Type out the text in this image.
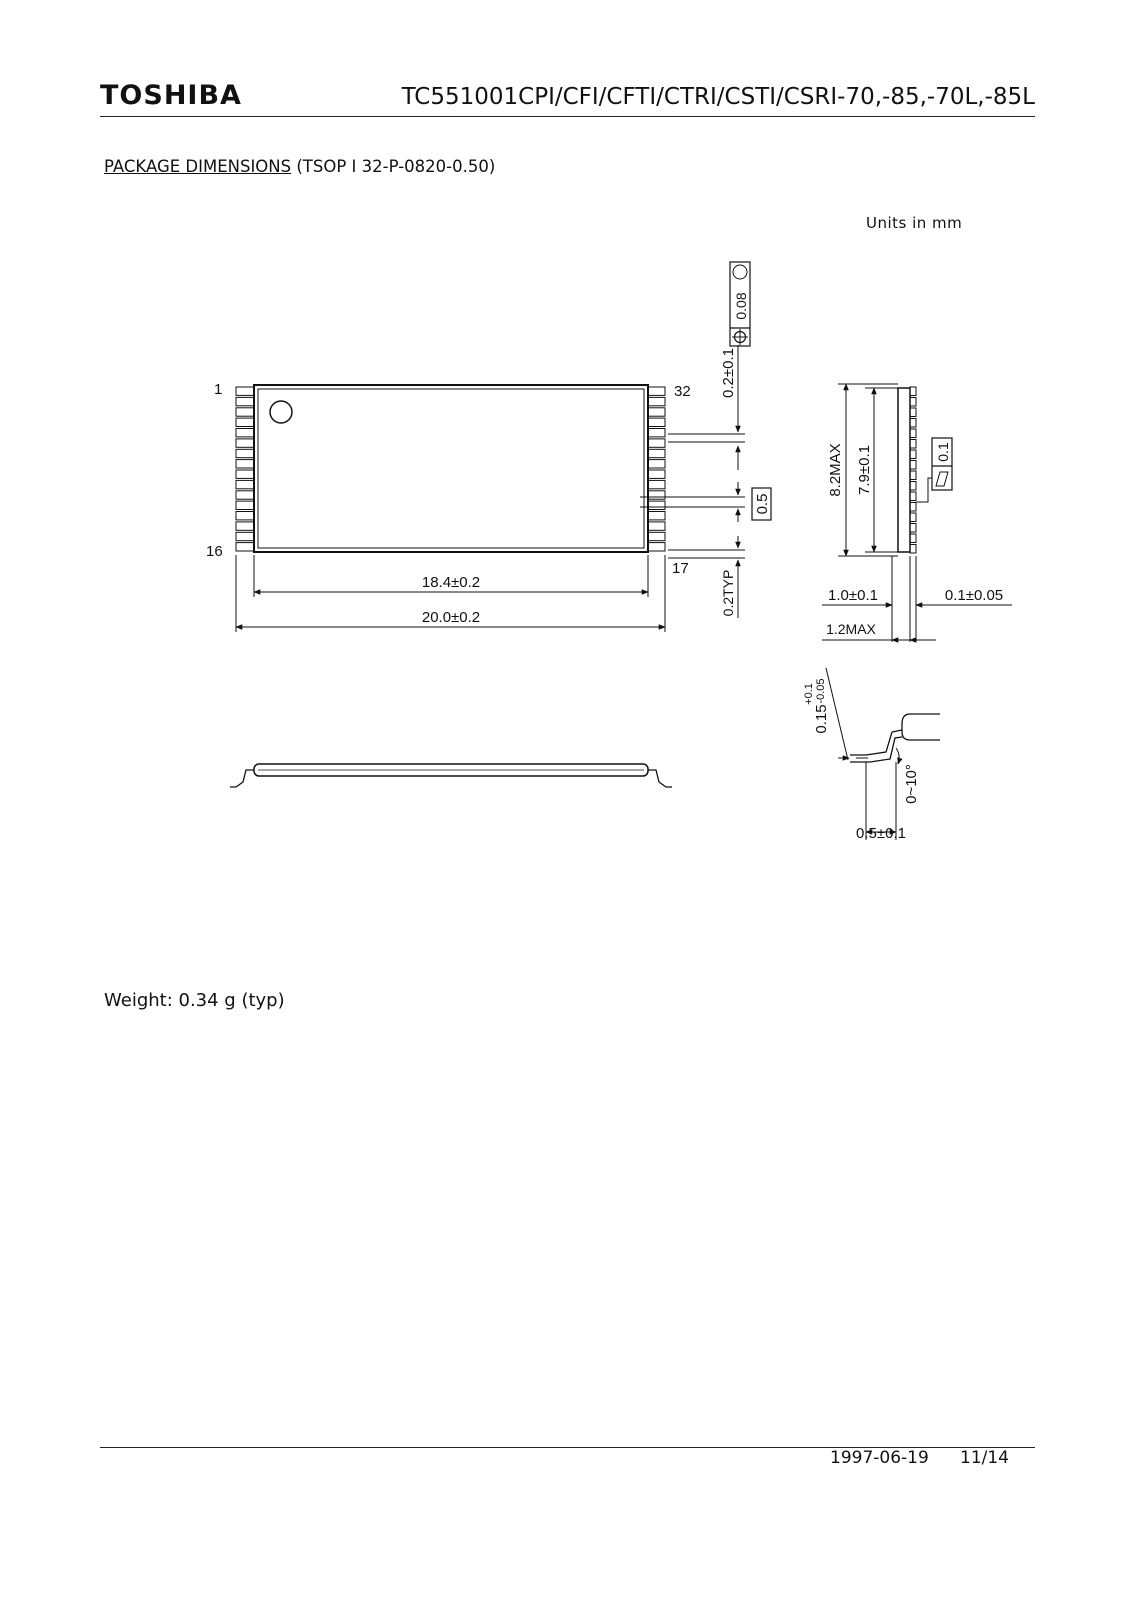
TOSHIBA	TC551001CPI/CFI/CFTI/CTRI/CSTI/CSRI-70,-85,-70L,-85L
PACKAGE DIMENSIONS (TSOP Ⅰ 32-P-0820-0.50)
Units in mm
1
16
17
32
18.4±0.2
20.0±0.2
0.2±0.1
0.08
0.5
0.2TYP
8.2MAX 7.9±0.1	0.1
1.0±0.1	0.1±0.05
1.2MAX
0.15
+0.1 -0.05
0~10°
0.5±0.1
Weight: 0.34 g (typ)
1997-06-19 11/14
